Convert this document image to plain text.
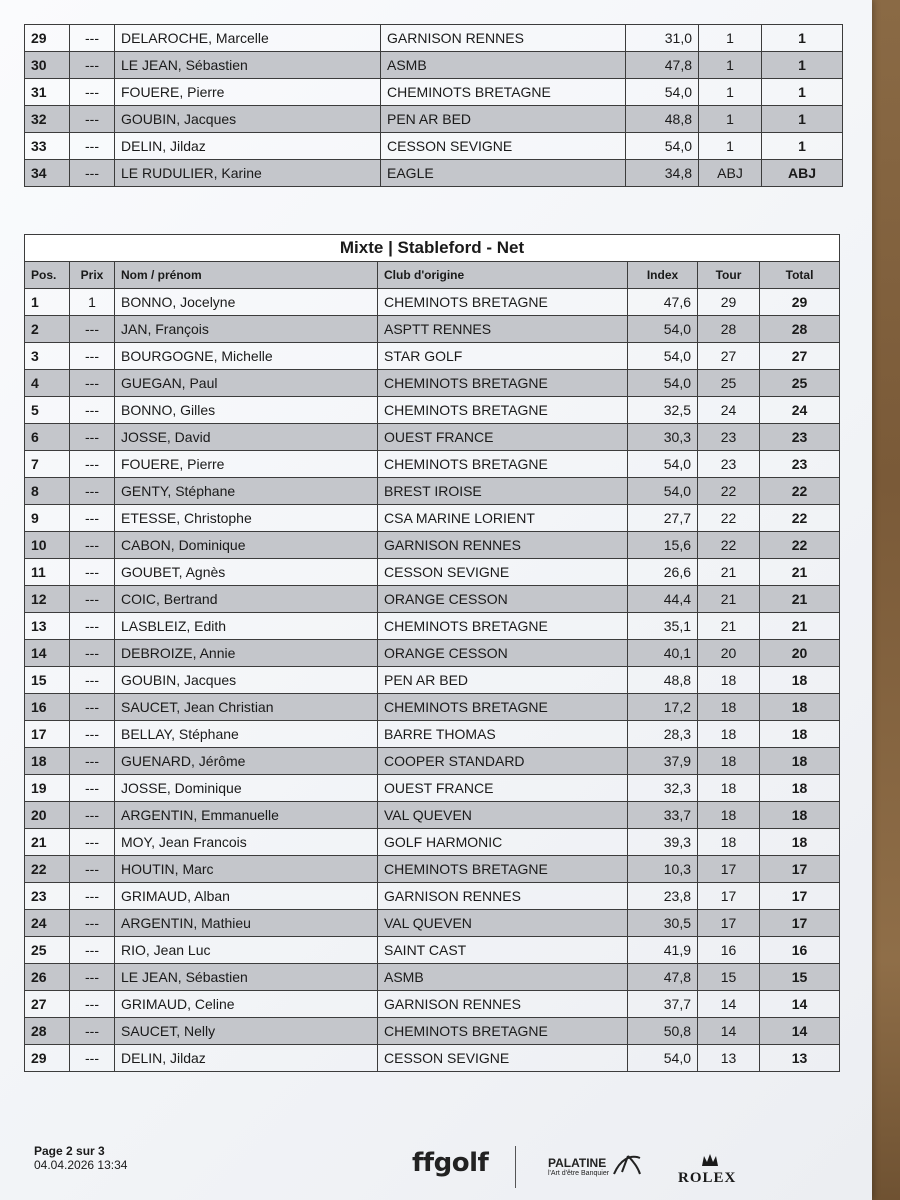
29	---	DELAROCHE, Marcelle	GARNISON RENNES	31,0	1	1
30	---	LE JEAN, Sébastien	ASMB	47,8	1	1
31	---	FOUERE, Pierre	CHEMINOTS BRETAGNE	54,0	1	1
32	---	GOUBIN, Jacques	PEN AR BED	48,8	1	1
33	---	DELIN, Jildaz	CESSON SEVIGNE	54,0	1	1
34	---	LE RUDULIER, Karine	EAGLE	34,8	ABJ	ABJ
Mixte | Stableford - Net						
Pos.	Prix	Nom / prénom	Club d'origine	Index	Tour	Total
1	1	BONNO, Jocelyne	CHEMINOTS BRETAGNE	47,6	29	29
2	---	JAN, François	ASPTT RENNES	54,0	28	28
3	---	BOURGOGNE, Michelle	STAR GOLF	54,0	27	27
4	---	GUEGAN, Paul	CHEMINOTS BRETAGNE	54,0	25	25
5	---	BONNO, Gilles	CHEMINOTS BRETAGNE	32,5	24	24
6	---	JOSSE, David	OUEST FRANCE	30,3	23	23
7	---	FOUERE, Pierre	CHEMINOTS BRETAGNE	54,0	23	23
8	---	GENTY, Stéphane	BREST IROISE	54,0	22	22
9	---	ETESSE, Christophe	CSA MARINE LORIENT	27,7	22	22
10	---	CABON, Dominique	GARNISON RENNES	15,6	22	22
11	---	GOUBET, Agnès	CESSON SEVIGNE	26,6	21	21
12	---	COIC, Bertrand	ORANGE CESSON	44,4	21	21
13	---	LASBLEIZ, Edith	CHEMINOTS BRETAGNE	35,1	21	21
14	---	DEBROIZE, Annie	ORANGE CESSON	40,1	20	20
15	---	GOUBIN, Jacques	PEN AR BED	48,8	18	18
16	---	SAUCET, Jean Christian	CHEMINOTS BRETAGNE	17,2	18	18
17	---	BELLAY, Stéphane	BARRE THOMAS	28,3	18	18
18	---	GUENARD, Jérôme	COOPER STANDARD	37,9	18	18
19	---	JOSSE, Dominique	OUEST FRANCE	32,3	18	18
20	---	ARGENTIN, Emmanuelle	VAL QUEVEN	33,7	18	18
21	---	MOY, Jean Francois	GOLF HARMONIC	39,3	18	18
22	---	HOUTIN, Marc	CHEMINOTS BRETAGNE	10,3	17	17
23	---	GRIMAUD, Alban	GARNISON RENNES	23,8	17	17
24	---	ARGENTIN, Mathieu	VAL QUEVEN	30,5	17	17
25	---	RIO, Jean Luc	SAINT CAST	41,9	16	16
26	---	LE JEAN, Sébastien	ASMB	47,8	15	15
27	---	GRIMAUD, Celine	GARNISON RENNES	37,7	14	14
28	---	SAUCET, Nelly	CHEMINOTS BRETAGNE	50,8	14	14
29	---	DELIN, Jildaz	CESSON SEVIGNE	54,0	13	13
Page 2 sur 3
04.04.2026 13:34	ffgolf	PALATINE
l'Art d'être Banquier	ROLEX
